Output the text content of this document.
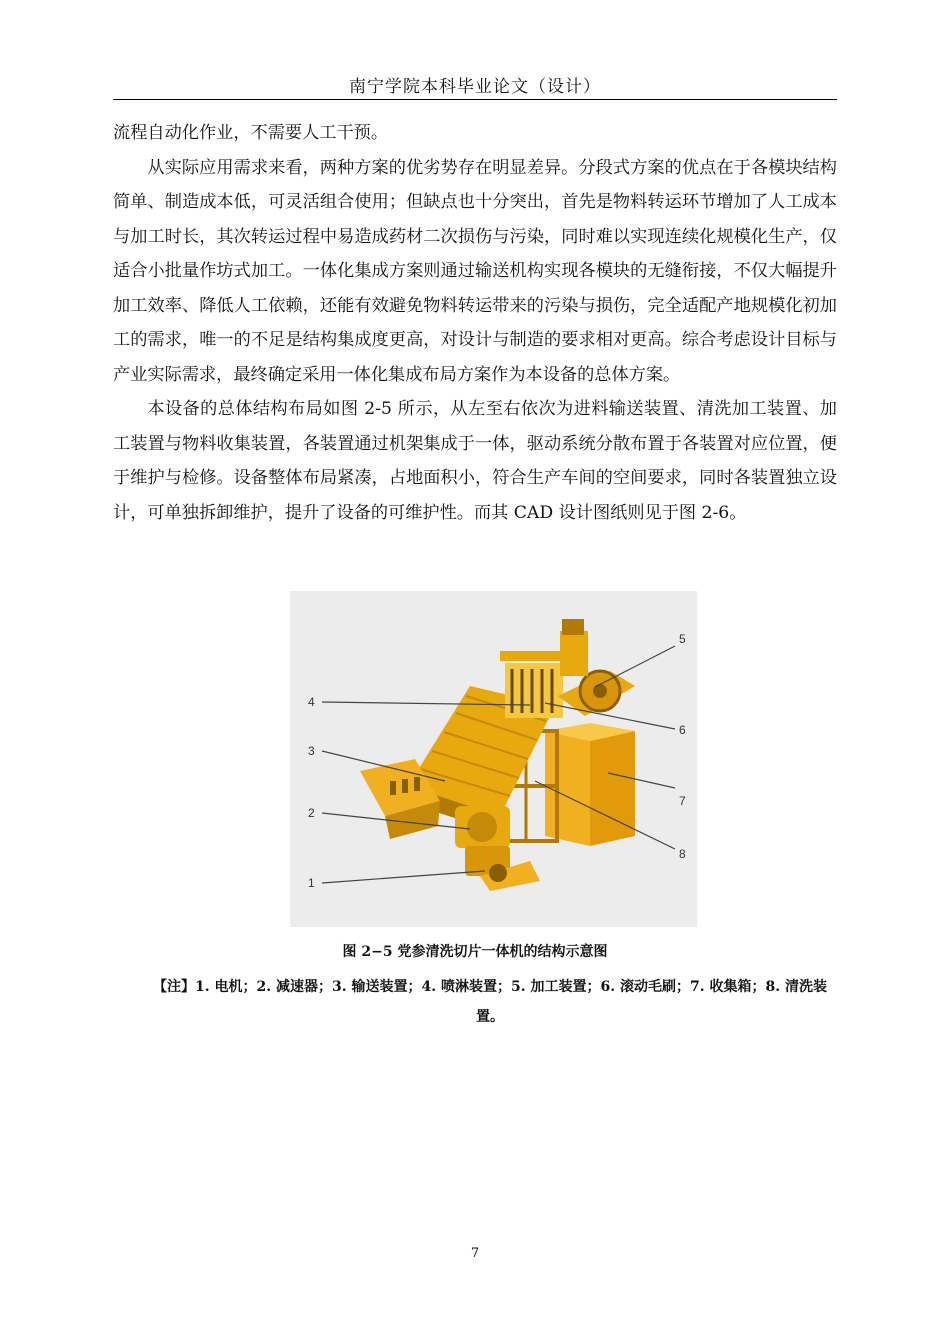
南宁学院本科毕业论文（设计）

流程自动化作业，不需要人工干预。

从实际应用需求来看，两种方案的优劣势存在明显差异。分段式方案的优点在于各模块结构简单、制造成本低，可灵活组合使用；但缺点也十分突出，首先是物料转运环节增加了人工成本与加工时长，其次转运过程中易造成药材二次损伤与污染，同时难以实现连续化规模化生产，仅适合小批量作坊式加工。一体化集成方案则通过输送机构实现各模块的无缝衔接，不仅大幅提升加工效率、降低人工依赖，还能有效避免物料转运带来的污染与损伤，完全适配产地规模化初加工的需求，唯一的不足是结构集成度更高，对设计与制造的要求相对更高。综合考虑设计目标与产业实际需求，最终确定采用一体化集成布局方案作为本设备的总体方案。

本设备的总体结构布局如图 2-5 所示，从左至右依次为进料输送装置、清洗加工装置、加工装置与物料收集装置，各装置通过机架集成于一体，驱动系统分散布置于各装置对应位置，便于维护与检修。设备整体布局紧凑，占地面积小，符合生产车间的空间要求，同时各装置独立设计，可单独拆卸维护，提升了设备的可维护性。而其 CAD 设计图纸则见于图 2-6。

1
2
3
4
5
6
7
8
图 2−5 党参清洗切片一体机的结构示意图
【注】1. 电机；2. 减速器；3. 输送装置；4. 喷淋装置；5. 加工装置；6. 滚动毛刷；7. 收集箱；8. 清洗装置。
7
